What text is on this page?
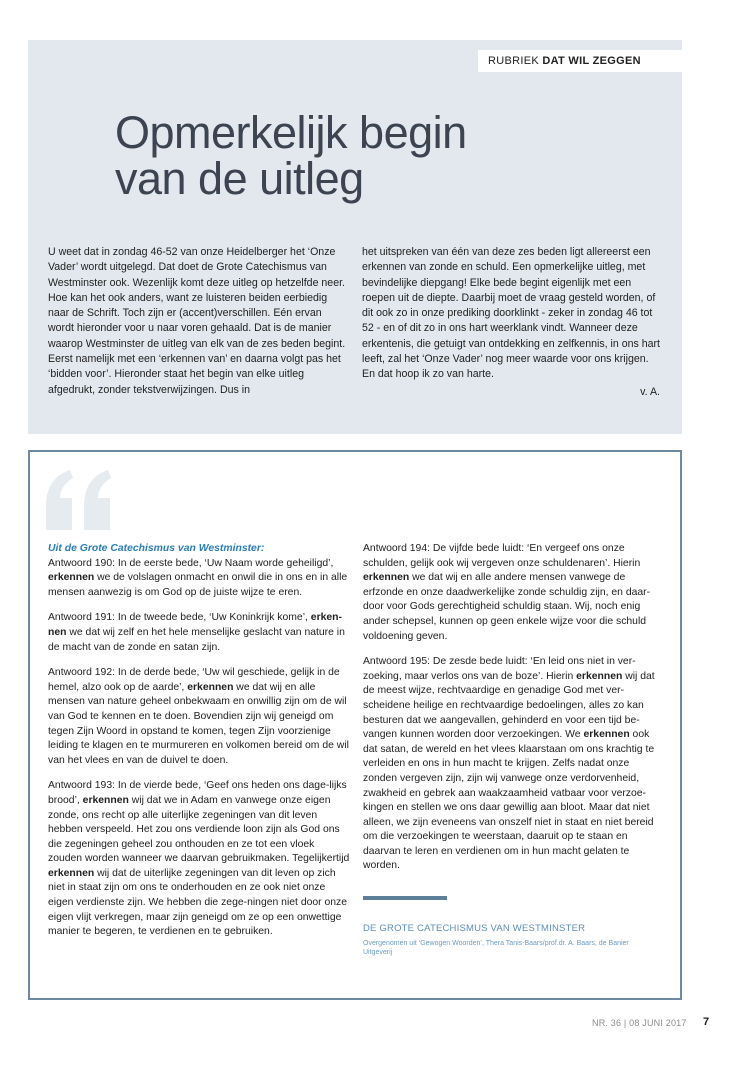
RUBRIEK DAT WIL ZEGGEN
Opmerkelijk begin
van de uitleg

U weet dat in zondag 46-52 van onze Heidelberger het ‘Onze Vader’ wordt uitgelegd. Dat doet de Grote Catechismus van Westminster ook. Wezenlijk komt deze uitleg op hetzelfde neer. Hoe kan het ook anders, want ze luisteren beiden eerbiedig naar de Schrift. Toch zijn er (accent)verschillen. Eén ervan wordt hieronder voor u naar voren gehaald. Dat is de manier waarop Westminster de uitleg van elk van de zes beden begint. Eerst namelijk met een ‘erkennen van’ en daarna volgt pas het ‘bidden voor’. Hieronder staat het begin van elke uitleg afgedrukt, zonder tekstverwijzingen. Dus in

het uitspreken van één van deze zes beden ligt allereerst een erkennen van zonde en schuld. Een opmerkelijke uitleg, met bevindelijke diepgang! Elke bede begint eigenlijk met een roepen uit de diepte. Daarbij moet de vraag gesteld worden, of dit ook zo in onze prediking doorklinkt - zeker in zondag 46 tot 52 - en of dit zo in ons hart weerklank vindt. Wanneer deze erkentenis, die getuigt van ontdekking en zelfkennis, in ons hart leeft, zal het ‘Onze Vader’ nog meer waarde voor ons krijgen. En dat hoop ik zo van harte.

v. A.
Uit de Grote Catechismus van Westminster:

Antwoord 190: In de eerste bede, ‘Uw Naam worde geheiligd’, erkennen we de volslagen onmacht en onwil die in ons en in alle mensen aanwezig is om God op de juiste wijze te eren.

Antwoord 191: In de tweede bede, ‘Uw Koninkrijk kome’, erken-nen we dat wij zelf en het hele menselijke geslacht van nature in de macht van de zonde en satan zijn.

Antwoord 192: In de derde bede, ‘Uw wil geschiede, gelijk in de hemel, alzo ook op de aarde’, erkennen we dat wij en alle mensen van nature geheel onbekwaam en onwillig zijn om de wil van God te kennen en te doen. Bovendien zijn wij geneigd om tegen Zijn Woord in opstand te komen, tegen Zijn voorzienige leiding te klagen en te murmureren en volkomen bereid om de wil van het vlees en van de duivel te doen.

Antwoord 193: In de vierde bede, ‘Geef ons heden ons dage-lijks brood’, erkennen wij dat we in Adam en vanwege onze eigen zonde, ons recht op alle uiterlijke zegeningen van dit leven hebben verspeeld. Het zou ons verdiende loon zijn als God ons die zegeningen geheel zou onthouden en ze tot een vloek zouden worden wanneer we daarvan gebruikmaken. Tegelijkertijd erkennen wij dat de uiterlijke zegeningen van dit leven op zich niet in staat zijn om ons te onderhouden en ze ook niet onze eigen verdienste zijn. We hebben die zege-ningen niet door onze eigen vlijt verkregen, maar zijn geneigd om ze op een onwettige manier te begeren, te verdienen en te gebruiken.

Antwoord 194: De vijfde bede luidt: ‘En vergeef ons onze schulden, gelijk ook wij vergeven onze schuldenaren’. Hierin erkennen we dat wij en alle andere mensen vanwege de erfzonde en onze daadwerkelijke zonde schuldig zijn, en daar-door voor Gods gerechtigheid schuldig staan. Wij, noch enig ander schepsel, kunnen op geen enkele wijze voor die schuld voldoening geven.

Antwoord 195: De zesde bede luidt: ‘En leid ons niet in ver-zoeking, maar verlos ons van de boze’. Hierin erkennen wij dat de meest wijze, rechtvaardige en genadige God met ver-scheidene heilige en rechtvaardige bedoelingen, alles zo kan besturen dat we aangevallen, gehinderd en voor een tijd be-vangen kunnen worden door verzoekingen. We erkennen ook dat satan, de wereld en het vlees klaarstaan om ons krachtig te verleiden en ons in hun macht te krijgen. Zelfs nadat onze zonden vergeven zijn, zijn wij vanwege onze verdorvenheid, zwakheid en gebrek aan waakzaamheid vatbaar voor verzoe-kingen en stellen we ons daar gewillig aan bloot. Maar dat niet alleen, we zijn eveneens van onszelf niet in staat en niet bereid om die verzoekingen te weerstaan, daaruit op te staan en daarvan te leren en verdienen om in hun macht gelaten te worden.

DE GROTE CATECHISMUS VAN WESTMINSTER
Overgenomen uit ‘Gewogen Woorden’, Thera Tanis-Baars/prof.dr. A. Baars, de Banier Uitgeverij
NR. 36 | 08 JUNI 2017 7
